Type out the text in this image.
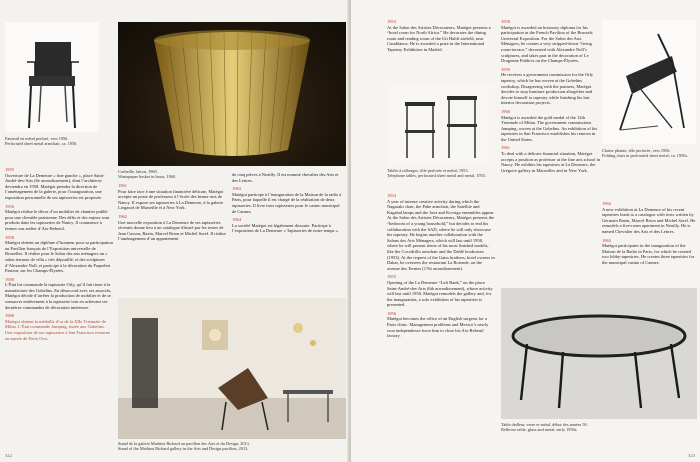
Fauteuil en métal perforé, vers 1956.
Perforated sheet metal armchair, ca. 1956.
Corbeille, laiton, 1960.
Wastepaper basket in brass, 1960.
1955
Ouverture de La Demeure « fine gauche », place Saint-André-des-Arts (6e arrondissement), dont l’architecte deviendra en 1958. Matégot prendra la direction de l’aménagement de la galerie, pour l’inauguration, une exposition personnelle de ses tapisseries est proposée.
1956
Matégot réalise le décor d’un mobilier de chantier publié pour une clientèle parisienne. Des défis et des enjeux sont produits dans les tapisseries de Nancy. Il commence à fermer son atelier d’Aix-Rebeuil.
1958
Matégot obtient un diplôme d’honneur pour sa participation au Pavillon français de l’Exposition universelle de Bruxelles. Il réalise pour le Salon des arts ménagers un « salon terrasse de villa » très dépouillé, et des sculptures d’Alexandre Noll, et participe à la décoration du Paquebot Pasteur, sur les Champs-Élysées.
1959
L’État lui commande la tapisserie Orly, qu’il fait tisser à la manufacture des Gobelins. En désaccord avec ses associés, Matégot décide d’arrêter la production de mobilier et de se consacrer entièrement à la tapisserie tout en achevant ses dernières commandes de décoration intérieure.
1960
Matégot obtient la médaille d’or de la XIIe Triennale de Milan. L’État commande Jumping, tissée aux Gobelins. Une exposition de ses tapisseries à San Francisco retourne au musée de Porto Orsi.
1961
Pour faire face à une situation financière délicate, Matégot accepte un poste de professeur à l’école des beaux-arts de Nancy. Il expose ses tapisseries à La Demeure, à la galerie Liegaurd de Marseille et à New York.
1962
Une nouvelle exposition à La Demeure de ses tapisseries récentes donne lieu à un catalogue illustré par les textes de Jean Cassou, Bazin, Marcel Brion et Michel Sorel. Il réalise l’aménagement d’un appartement
de cinq pièces à Neuilly. Il est nommé chevalier des Arts et des Lettres.
1963
Matégot participe à l’inauguration de la Maison de la radio à Paris, pour laquelle il est chargé de la réalisation de deux tapisseries. Il livre trois tapisseries pour le casino municipal de Cannes.
1964
La société Matégot est légalement dissoute. Participe à l’exposition de La Demeure « Tapisseries de notre temps ».
Stand de la galerie Mathieu Richard au pavillon des Arts et du Design, 2013.
Stand of the Mathieu Richard gallery in the Arts and Design pavilion, 2013.
322
1953
At the Salon des Artistes Décorateurs, Matégot presents a “hotel room for North Africa.” He decorates the dining room and reading room of the Uti Halifi airfield, near Casablanca. He is awarded a prize in the International Tapestry Exhibition in Madrid.
Tables à rallonges, tôle perforée et métal, 1953.
Telephone tables, perforated sheet metal and metal, 1953.
1954
A year of intense creative activity during which the Nagasaki chair, the Pahe armchair, the Satellite and Kagabal lamps and the Java and Kovirga ensembles appear. At the Salon des Artistes Décorateurs, Matégot presents the “bedroom of a young household,” but decides to end his collaboration with the SAD, where he will only showcase his tapestry. He begins another collaboration with the Salons des Arts Ménagers, which will last until 1958, where he will present items of his most finished models, like the Cocodrillo armchair and the Dahlé bookcases (1953). At the request of the Gaiss brothers, hotel owners in Dakar, he oversees the restaurant La Rotonde, on the avenue des Termes (17th arrondissement).
1955
Opening of the La Demeure “Left Bank,” on the place Saint-André-des-Arts (6th arrondissement), whose activity will last until 1958. Matégot remodels the gallery and, for the inauguration, a solo exhibition of his tapestries is presented.
1956
Matégot becomes the office of an English surgeon for a Paris clinic. Management problems and Mexico’s newly won independence force him to close his Aix-Rebeuil factory.
1958
Matégot is awarded an honorary diploma for his participation in the French Pavilion of the Brussels Universal Exposition. For the Salon des Arts Ménagers, he creates a very stripped-down “living room-terrace,” decorated with Alexandre Noll’s sculptures, and takes part in the decoration of Le Dragonne Publicis on the Champs-Élysées.
1959
He receives a government commission for the Orly tapestry, which he has woven at the Gobelins workshop. Disagreeing with the partners, Matégot decides to stop furniture production altogether and devote himself to tapestry while finishing his last interior decoration projects.
1960
Matégot is awarded the gold medal of the 12th Triennale of Milan. The government commissions Jumping, woven at the Gobelins. An exhibition of his tapestries in San Francisco establishes his renown in the United States.
1961
To deal with a delicate financial situation, Matégot accepts a position as professor at the fine arts school in Nancy. He exhibits his tapestries at La Demeure, the Grégoire gallery in Marseilles and in New York.
Chaise pliante, tôle perforée, vers 1956.
Folding chair in perforated sheet metal, ca. 1950s.
1962
A new exhibition at La Demeure of his recent tapestries leads to a catalogue with texts written by Germain Bazin, Marcel Brion and Michel Sorel. He remodels a five-room apartment in Neuilly. He is named Chevalier des Arts et des Lettres.
1963
Matégot participates in the inauguration of the Maison de la Radio in Paris, for which he created two lobby-tapestries. He creates three tapestries for the municipal casino of Cannes.
Table dedleur, verre et métal, début des années 50.
Bellevue table, glass and metal, early 1950s.
323
